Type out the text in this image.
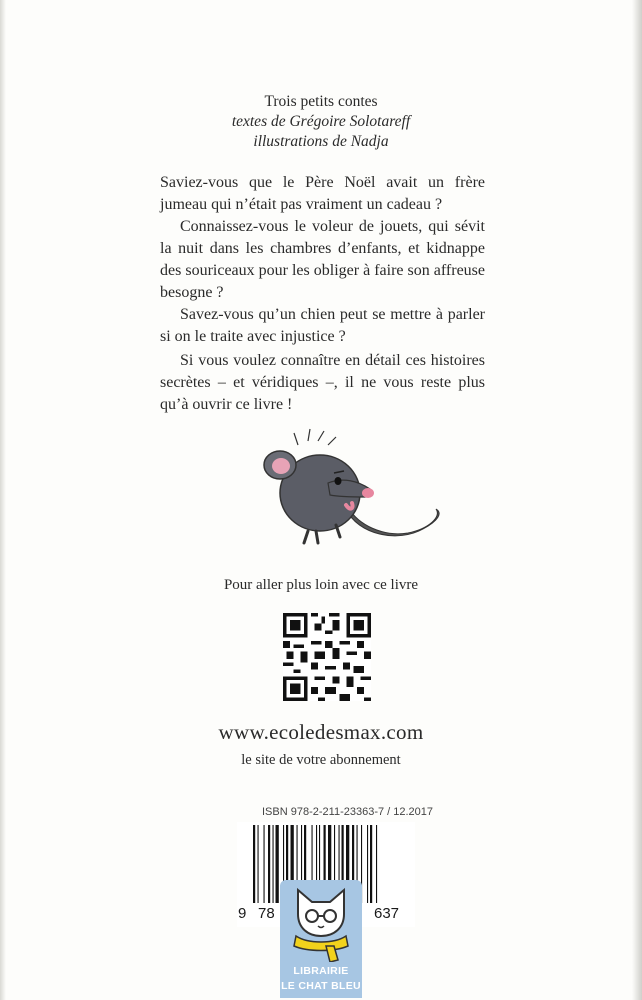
Trois petits contes
textes de Grégoire Solotareff
illustrations de Nadja

Saviez-vous que le Père Noël avait un frère jumeau qui n’était pas vraiment un cadeau ?

Connaissez-vous le voleur de jouets, qui sévit la nuit dans les chambres d’enfants, et kidnappe des souriceaux pour les obliger à faire son affreuse besogne ?

Savez-vous qu’un chien peut se mettre à parler si on le traite avec injustice ?

Si vous voulez connaître en détail ces histoires secrètes – et véridiques –, il ne vous reste plus qu’à ouvrir ce livre !
Pour aller plus loin avec ce livre
www.ecoledesmax.com
le site de votre abonnement
ISBN 978-2-211-23363-7 / 12.2017
9 78	637
LIBRAIRIE
LE CHAT BLEU
